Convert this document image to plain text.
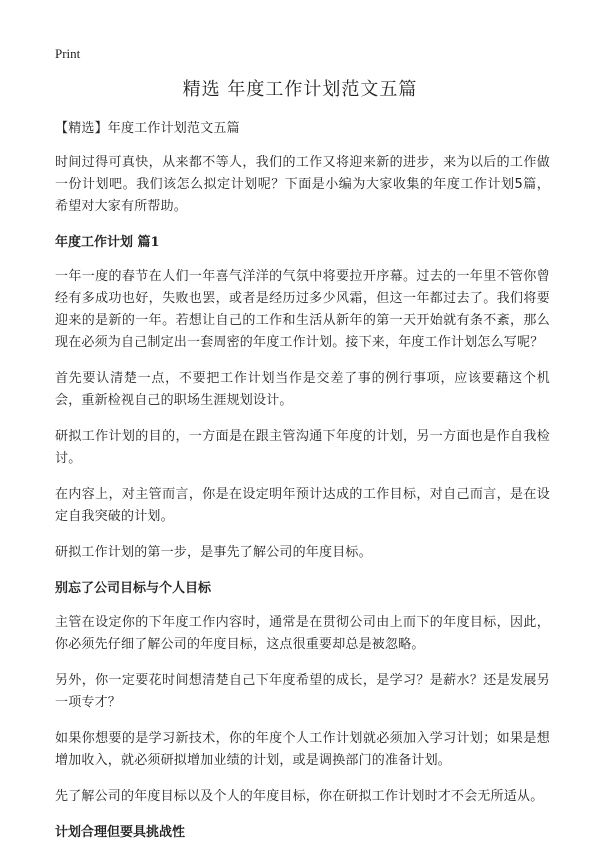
Print
精选 年度工作计划范文五篇

【精选】年度工作计划范文五篇

时间过得可真快，从来都不等人，我们的工作又将迎来新的进步，来为以后的工作做一份计划吧。我们该怎么拟定计划呢？下面是小编为大家收集的年度工作计划5篇，希望对大家有所帮助。

年度工作计划 篇1

一年一度的春节在人们一年喜气洋洋的气氛中将要拉开序幕。过去的一年里不管你曾经有多成功也好，失败也罢，或者是经历过多少风霜，但这一年都过去了。我们将要迎来的是新的一年。若想让自己的工作和生活从新年的第一天开始就有条不紊，那么现在必须为自己制定出一套周密的年度工作计划。接下来，年度工作计划怎么写呢？

首先要认清楚一点，不要把工作计划当作是交差了事的例行事项，应该要藉这个机会，重新检视自己的职场生涯规划设计。

研拟工作计划的目的，一方面是在跟主管沟通下年度的计划，另一方面也是作自我检讨。

在内容上，对主管而言，你是在设定明年预计达成的工作目标，对自己而言，是在设定自我突破的计划。

研拟工作计划的第一步，是事先了解公司的年度目标。

别忘了公司目标与个人目标

主管在设定你的下年度工作内容时，通常是在贯彻公司由上而下的年度目标，因此，你必须先仔细了解公司的年度目标，这点很重要却总是被忽略。

另外，你一定要花时间想清楚自己下年度希望的成长，是学习？是薪水？还是发展另一项专才？

如果你想要的是学习新技术，你的年度个人工作计划就必须加入学习计划；如果是想增加收入，就必须研拟增加业绩的计划，或是调换部门的准备计划。

先了解公司的年度目标以及个人的年度目标，你在研拟工作计划时才不会无所适从。

计划合理但要具挑战性
